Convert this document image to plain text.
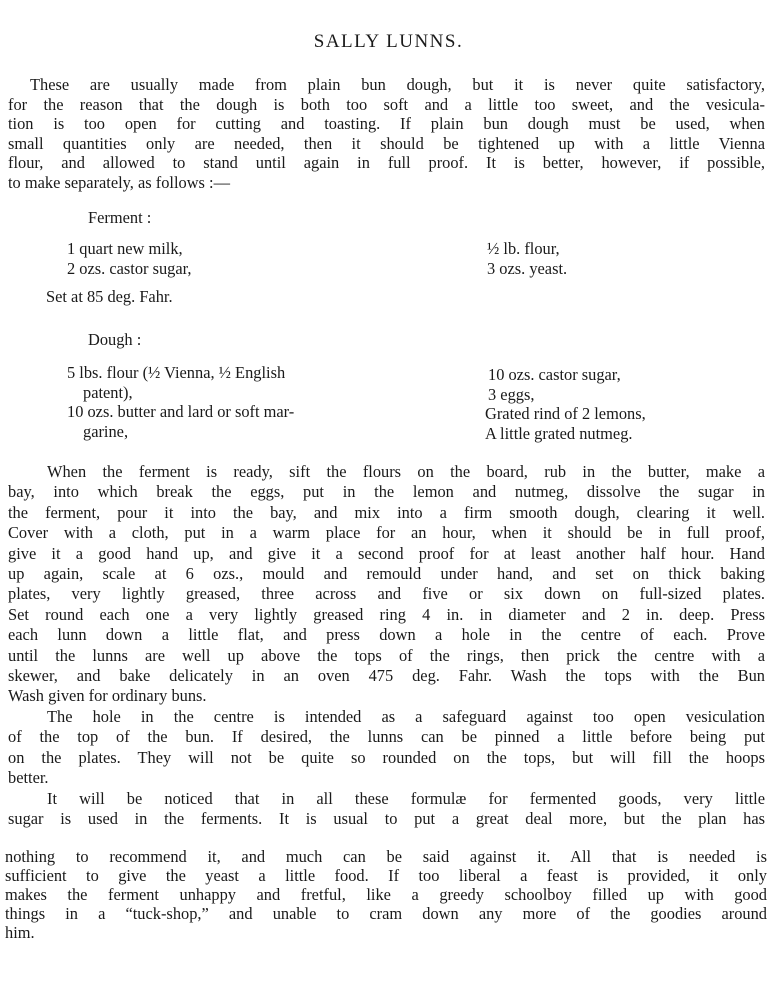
SALLY LUNNS.
These are usually made from plain bun dough, but it is never quite satisfactory,
for the reason that the dough is both too soft and a little too sweet, and the vesicula-
tion is too open for cutting and toasting. If plain bun dough must be used, when
small quantities only are needed, then it should be tightened up with a little Vienna
flour, and allowed to stand until again in full proof. It is better, however, if possible,
to make separately, as follows :—

Ferment :

1 quart new milk,
2 ozs. castor sugar,
½ lb. flour,
3 ozs. yeast.

Set at 85 deg. Fahr.

Dough :

5 lbs. flour (½ Vienna, ½ English
patent),
10 ozs. butter and lard or soft mar-
garine,
10 ozs. castor sugar,
3 eggs,
Grated rind of 2 lemons,
A little grated nutmeg.
When the ferment is ready, sift the flours on the board, rub in the butter, make a
bay, into which break the eggs, put in the lemon and nutmeg, dissolve the sugar in
the ferment, pour it into the bay, and mix into a firm smooth dough, clearing it well.
Cover with a cloth, put in a warm place for an hour, when it should be in full proof,
give it a good hand up, and give it a second proof for at least another half hour. Hand
up again, scale at 6 ozs., mould and remould under hand, and set on thick baking
plates, very lightly greased, three across and five or six down on full-sized plates.
Set round each one a very lightly greased ring 4 in. in diameter and 2 in. deep. Press
each lunn down a little flat, and press down a hole in the centre of each. Prove
until the lunns are well up above the tops of the rings, then prick the centre with a
skewer, and bake delicately in an oven 475 deg. Fahr. Wash the tops with the Bun
Wash given for ordinary buns.
The hole in the centre is intended as a safeguard against too open vesiculation
of the top of the bun. If desired, the lunns can be pinned a little before being put
on the plates. They will not be quite so rounded on the tops, but will fill the hoops
better.
It will be noticed that in all these formulæ for fermented goods, very little
sugar is used in the ferments. It is usual to put a great deal more, but the plan has
nothing to recommend it, and much can be said against it. All that is needed is
sufficient to give the yeast a little food. If too liberal a feast is provided, it only
makes the ferment unhappy and fretful, like a greedy schoolboy filled up with good
things in a “tuck-shop,” and unable to cram down any more of the goodies around
him.
